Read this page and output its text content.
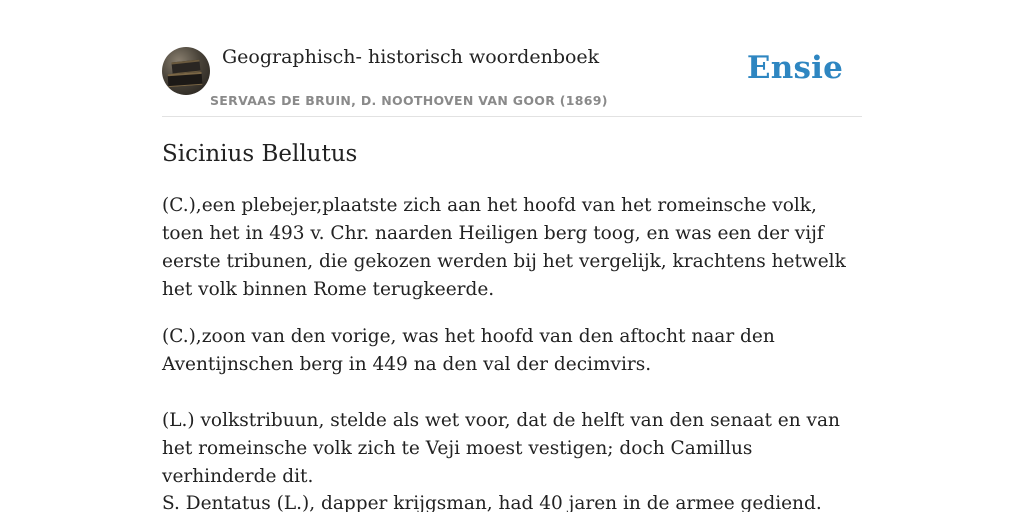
Geographisch- historisch woordenboek
SERVAAS DE BRUIN, D. NOOTHOVEN VAN GOOR (1869)
Ensie
Sicinius Bellutus

(C.),een plebejer,plaatste zich aan het hoofd van het romeinsche volk, toen het in 493 v. Chr. naarden Heiligen berg toog, en was een der vijf eerste tribunen, die gekozen werden bij het vergelijk, krachtens hetwelk het volk binnen Rome terugkeerde.

(C.),zoon van den vorige, was het hoofd van den aftocht naar den Aventijnschen berg in 449 na den val der decimvirs.

(L.) volkstribuun, stelde als wet voor, dat de helft van den senaat en van het romeinsche volk zich te Veji moest vestigen; doch Camillus verhinderde dit.

S. Dentatus (L.), dapper krijgsman, had 40 jaren in de armee gediend.
